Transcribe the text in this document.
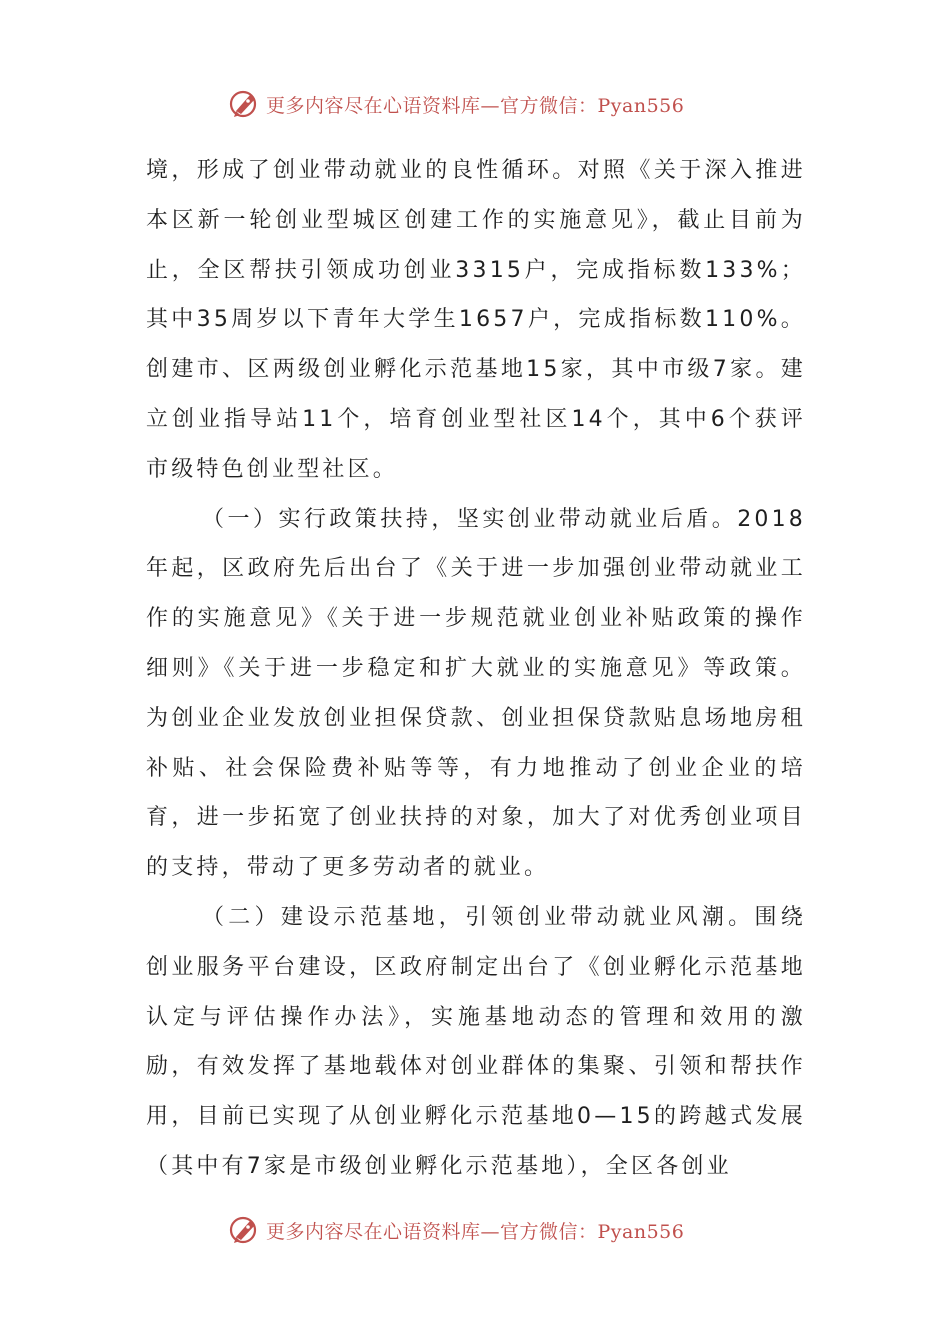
更多内容尽在心语资料库—官方微信：Pyan556

境，形成了创业带动就业的良性循环。对照《关于深入推进本区新一轮创业型城区创建工作的实施意见》，截止目前为止，全区帮扶引领成功创业3315户，完成指标数133%；其中35周岁以下青年大学生1657户，完成指标数110%。创建市、区两级创业孵化示范基地15家，其中市级7家。建立创业指导站11个，培育创业型社区14个，其中6个获评市级特色创业型社区。

（一）实行政策扶持，坚实创业带动就业后盾。2018年起，区政府先后出台了《关于进一步加强创业带动就业工作的实施意见》《关于进一步规范就业创业补贴政策的操作细则》《关于进一步稳定和扩大就业的实施意见》等政策。为创业企业发放创业担保贷款、创业担保贷款贴息场地房租补贴、社会保险费补贴等等，有力地推动了创业企业的培育，进一步拓宽了创业扶持的对象，加大了对优秀创业项目的支持，带动了更多劳动者的就业。

（二）建设示范基地，引领创业带动就业风潮。围绕创业服务平台建设，区政府制定出台了《创业孵化示范基地认定与评估操作办法》，实施基地动态的管理和效用的激励，有效发挥了基地载体对创业群体的集聚、引领和帮扶作用，目前已实现了从创业孵化示范基地0—15的跨越式发展（其中有7家是市级创业孵化示范基地），全区各创业

更多内容尽在心语资料库—官方微信：Pyan556
